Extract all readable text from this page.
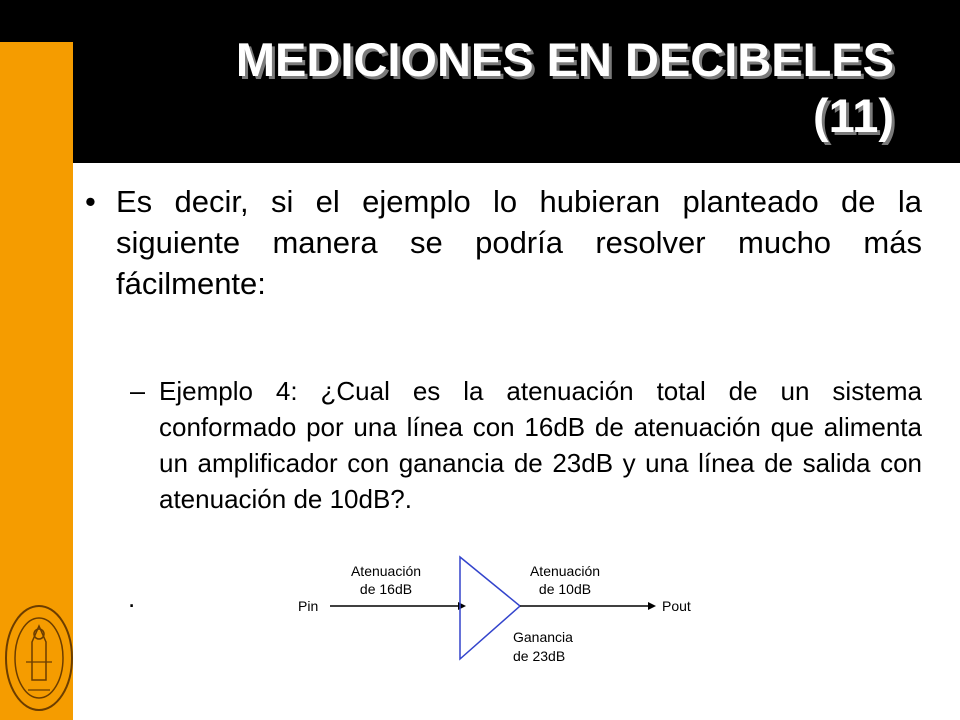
MEDICIONES EN DECIBELES
(11)
• Es decir, si el ejemplo lo hubieran planteado de la siguiente manera se podría resolver mucho más fácilmente:
– Ejemplo 4: ¿Cual es la atenuación total de un sistema conformado por una línea con 16dB de atenuación que alimenta un amplificador con ganancia de 23dB y una línea de salida con atenuación de 10dB?.
.	Pin	Pout
Atenuación
de 16dB
Atenuación
de 10dB
Ganancia
de 23dB
